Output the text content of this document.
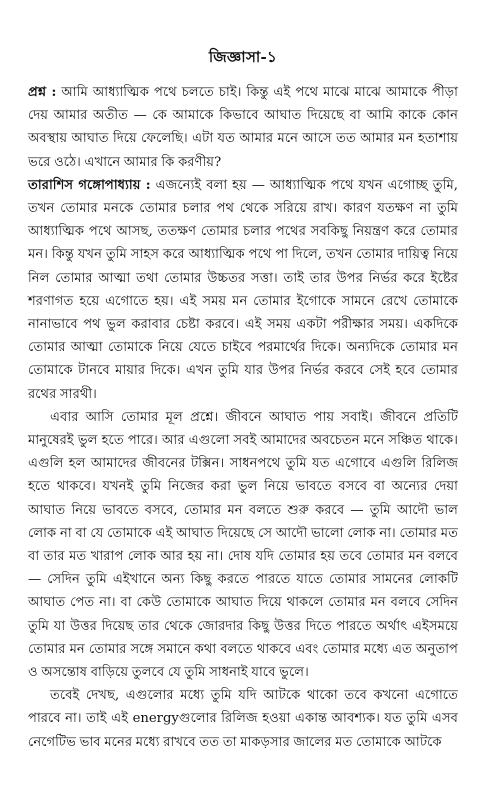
জিজ্ঞাসা-১

প্রশ্ন : আমি আধ্যাত্মিক পথে চলতে চাই। কিন্তু এই পথে মাঝে মাঝে আমাকে পীড়া দেয় আমার অতীত — কে আমাকে কিভাবে আঘাত দিয়েছে বা আমি কাকে কোন অবস্থায় আঘাত দিয়ে ফেলেছি। এটা যত আমার মনে আসে তত আমার মন হতাশায় ভরে ওঠে। এখানে আমার কি করণীয়?

তারাশিস গঙ্গোপাধ্যায় : এজন্যেই বলা হয় — আধ্যাত্মিক পথে যখন এগোচ্ছ তুমি, তখন তোমার মনকে তোমার চলার পথ থেকে সরিয়ে রাখ। কারণ যতক্ষণ না তুমি আধ্যাত্মিক পথে আসছ, ততক্ষণ তোমার চলার পথের সবকিছু নিয়ন্ত্রণ করে তোমার মন। কিন্তু যখন তুমি সাহস করে আধ্যাত্মিক পথে পা দিলে, তখন তোমার দায়িত্ব নিয়ে নিল তোমার আত্মা তথা তোমার উচ্চতর সত্তা। তাই তার উপর নির্ভর করে ইষ্টের শরণাগত হয়ে এগোতে হয়। এই সময় মন তোমার ইগোকে সামনে রেখে তোমাকে নানাভাবে পথ ভুল করাবার চেষ্টা করবে। এই সময় একটা পরীক্ষার সময়। একদিকে তোমার আত্মা তোমাকে নিয়ে যেতে চাইবে পরমার্থের দিকে। অন্যদিকে তোমার মন তোমাকে টানবে মায়ার দিকে। এখন তুমি যার উপর নির্ভর করবে সেই হবে তোমার রথের সারথী।

এবার আসি তোমার মূল প্রশ্নে। জীবনে আঘাত পায় সবাই। জীবনে প্রতিটি মানুষেরই ভুল হতে পারে। আর এগুলো সবই আমাদের অবচেতন মনে সঞ্চিত থাকে। এগুলি হল আমাদের জীবনের টক্সিন। সাধনপথে তুমি যত এগোবে এগুলি রিলিজ হতে থাকবে। যখনই তুমি নিজের করা ভুল নিয়ে ভাবতে বসবে বা অন্যের দেয়া আঘাত নিয়ে ভাবতে বসবে, তোমার মন বলতে শুরু করবে — তুমি আদৌ ভাল লোক না বা যে তোমাকে এই আঘাত দিয়েছে সে আদৌ ভালো লোক না। তোমার মত বা তার মত খারাপ লোক আর হয় না। দোষ যদি তোমার হয় তবে তোমার মন বলবে — সেদিন তুমি এইখানে অন্য কিছু করতে পারতে যাতে তোমার সামনের লোকটি আঘাত পেত না। বা কেউ তোমাকে আঘাত দিয়ে থাকলে তোমার মন বলবে সেদিন তুমি যা উত্তর দিয়েছ তার থেকে জোরদার কিছু উত্তর দিতে পারতে অর্থাৎ এইসময়ে তোমার মন তোমার সঙ্গে সমানে কথা বলতে থাকবে এবং তোমার মধ্যে এত অনুতাপ ও অসন্তোষ বাড়িয়ে তুলবে যে তুমি সাধনাই যাবে ভুলে।

তবেই দেখছ, এগুলোর মধ্যে তুমি যদি আটকে থাকো তবে কখনো এগোতে পারবে না। তাই এই energyগুলোর রিলিজ হওয়া একান্ত আবশ্যক। যত তুমি এসব নেগেটিভ ভাব মনের মধ্যে রাখবে তত তা মাকড়সার জালের মত তোমাকে আটকে
